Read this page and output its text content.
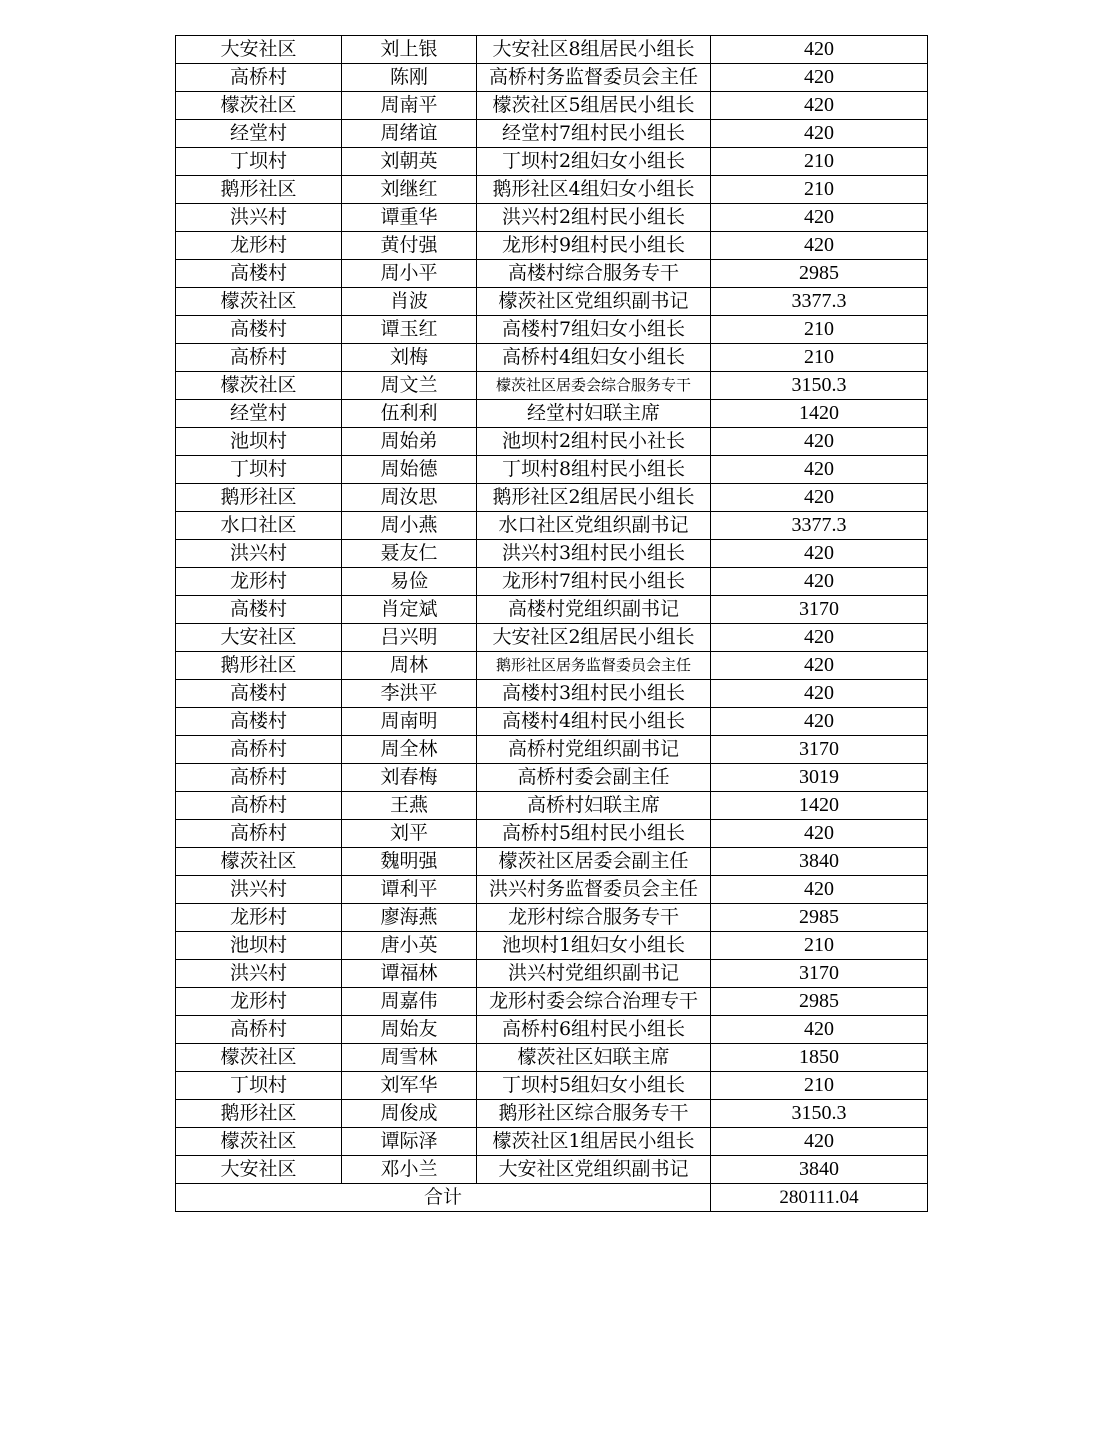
大安社区	刘上银	大安社区8组居民小组长	420
高桥村	陈刚	高桥村务监督委员会主任	420
檬茨社区	周南平	檬茨社区5组居民小组长	420
经堂村	周绪谊	经堂村7组村民小组长	420
丁坝村	刘朝英	丁坝村2组妇女小组长	210
鹅形社区	刘继红	鹅形社区4组妇女小组长	210
洪兴村	谭重华	洪兴村2组村民小组长	420
龙形村	黄付强	龙形村9组村民小组长	420
高楼村	周小平	高楼村综合服务专干	2985
檬茨社区	肖波	檬茨社区党组织副书记	3377.3
高楼村	谭玉红	高楼村7组妇女小组长	210
高桥村	刘梅	高桥村4组妇女小组长	210
檬茨社区	周文兰	檬茨社区居委会综合服务专干	3150.3
经堂村	伍利利	经堂村妇联主席	1420
池坝村	周始弟	池坝村2组村民小社长	420
丁坝村	周始德	丁坝村8组村民小组长	420
鹅形社区	周汝思	鹅形社区2组居民小组长	420
水口社区	周小燕	水口社区党组织副书记	3377.3
洪兴村	聂友仁	洪兴村3组村民小组长	420
龙形村	易俭	龙形村7组村民小组长	420
高楼村	肖定斌	高楼村党组织副书记	3170
大安社区	吕兴明	大安社区2组居民小组长	420
鹅形社区	周林	鹅形社区居务监督委员会主任	420
高楼村	李洪平	高楼村3组村民小组长	420
高楼村	周南明	高楼村4组村民小组长	420
高桥村	周全林	高桥村党组织副书记	3170
高桥村	刘春梅	高桥村委会副主任	3019
高桥村	王燕	高桥村妇联主席	1420
高桥村	刘平	高桥村5组村民小组长	420
檬茨社区	魏明强	檬茨社区居委会副主任	3840
洪兴村	谭利平	洪兴村务监督委员会主任	420
龙形村	廖海燕	龙形村综合服务专干	2985
池坝村	唐小英	池坝村1组妇女小组长	210
洪兴村	谭福林	洪兴村党组织副书记	3170
龙形村	周嘉伟	龙形村委会综合治理专干	2985
高桥村	周始友	高桥村6组村民小组长	420
檬茨社区	周雪林	檬茨社区妇联主席	1850
丁坝村	刘军华	丁坝村5组妇女小组长	210
鹅形社区	周俊成	鹅形社区综合服务专干	3150.3
檬茨社区	谭际泽	檬茨社区1组居民小组长	420
大安社区	邓小兰	大安社区党组织副书记	3840
合计			280111.04
